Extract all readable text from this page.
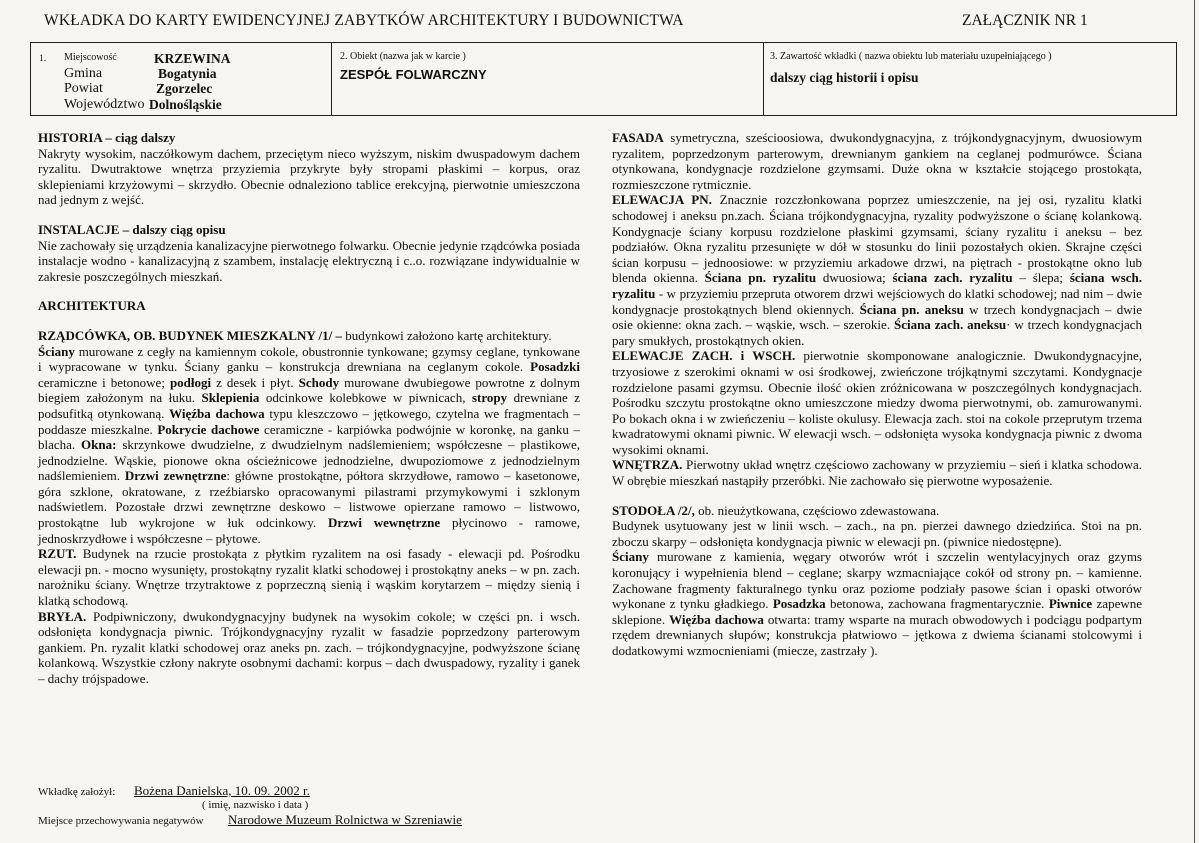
WKŁADKA DO KARTY EWIDENCYJNEJ ZABYTKÓW ARCHITEKTURY I BUDOWNICTWA	ZAŁĄCZNIK NR 1
1. Miejscowość	KRZEWINA
Gmina	Bogatynia
Powiat	Zgorzelec
Województwo Dolnośląskie
2. Obiekt (nazwa jak w karcie )
ZESPÓŁ FOLWARCZNY
3. Zawartość wkładki ( nazwa obiektu lub materiału uzupełniającego )
dalszy ciąg historii i opisu

HISTORIA – ciąg dalszy
Nakryty wysokim, naczółkowym dachem, przeciętym nieco wyższym, niskim dwuspadowym dachem ryzalitu. Dwutraktowe wnętrza przyziemia przykryte były stropami płaskimi – korpus, oraz sklepieniami krzyżowymi – skrzydło. Obecnie odnaleziono tablice erekcyjną, pierwotnie umieszczona nad jednym z wejść.

INSTALACJE – dalszy ciąg opisu
Nie zachowały się urządzenia kanalizacyjne pierwotnego folwarku. Obecnie jedynie rządcówka posiada instalacje wodno - kanalizacyjną z szambem, instalację elektryczną i c..o. rozwiązane indywidualnie w zakresie poszczególnych mieszkań.

ARCHITEKTURA

RZĄDCÓWKA, OB. BUDYNEK MIESZKALNY /1/ – budynkowi założono kartę architektury.
Ściany murowane z cegły na kamiennym cokole, obustronnie tynkowane; gzymsy ceglane, tynkowane i wypracowane w tynku. Ściany ganku – konstrukcja drewniana na ceglanym cokole. Posadzki ceramiczne i betonowe; podłogi z desek i płyt. Schody murowane dwubiegowe powrotne z dolnym biegiem założonym na łuku. Sklepienia odcinkowe kolebkowe w piwnicach, stropy drewniane z podsufitką otynkowaną. Więźba dachowa typu kleszczowo – jętkowego, czytelna we fragmentach – poddasze mieszkalne. Pokrycie dachowe ceramiczne - karpiówka podwójnie w koronkę, na ganku – blacha. Okna: skrzynkowe dwudzielne, z dwudzielnym nadślemieniem; współczesne – plastikowe, jednodzielne. Wąskie, pionowe okna ościeżnicowe jednodzielne, dwupoziomowe z jednodzielnym nadślemieniem. Drzwi zewnętrzne: główne prostokątne, półtora skrzydłowe, ramowo – kasetonowe, góra szklone, okratowane, z rzeźbiarsko opracowanymi pilastrami przymykowymi i szklonym nadświetlem. Pozostałe drzwi zewnętrzne deskowo – listwowe opierzane ramowo – listwowo, prostokątne lub wykrojone w łuk odcinkowy. Drzwi wewnętrzne płycinowo - ramowe, jednoskrzydłowe i współczesne – płytowe.

RZUT. Budynek na rzucie prostokąta z płytkim ryzalitem na osi fasady - elewacji pd. Pośrodku elewacji pn. - mocno wysunięty, prostokątny ryzalit klatki schodowej i prostokątny aneks – w pn. zach. narożniku ściany. Wnętrze trzytraktowe z poprzeczną sienią i wąskim korytarzem – między sienią i klatką schodową.

BRYŁA. Podpiwniczony, dwukondygnacyjny budynek na wysokim cokole; w części pn. i wsch. odsłonięta kondygnacja piwnic. Trójkondygnacyjny ryzalit w fasadzie poprzedzony parterowym gankiem. Pn. ryzalit klatki schodowej oraz aneks pn. zach. – trójkondygnacyjne, podwyższone ścianę kolankową. Wszystkie człony nakryte osobnymi dachami: korpus – dach dwuspadowy, ryzality i ganek – dachy trójspadowe.

FASADA symetryczna, sześcioosiowa, dwukondygnacyjna, z trójkondygnacyjnym, dwuosiowym ryzalitem, poprzedzonym parterowym, drewnianym gankiem na ceglanej podmurówce. Ściana otynkowana, kondygnacje rozdzielone gzymsami. Duże okna w kształcie stojącego prostokąta, rozmieszczone rytmicznie.

ELEWACJA PN. Znacznie rozczłonkowana poprzez umieszczenie, na jej osi, ryzalitu klatki schodowej i aneksu pn.zach. Ściana trójkondygnacyjna, ryzality podwyższone o ścianę kolankową. Kondygnacje ściany korpusu rozdzielone płaskimi gzymsami, ściany ryzalitu i aneksu – bez podziałów. Okna ryzalitu przesunięte w dół w stosunku do linii pozostałych okien. Skrajne części ścian korpusu – jednoosiowe: w przyziemiu arkadowe drzwi, na piętrach - prostokątne okno lub blenda okienna. Ściana pn. ryzalitu dwuosiowa; ściana zach. ryzalitu – ślepa; ściana wsch. ryzalitu - w przyziemiu przepruta otworem drzwi wejściowych do klatki schodowej; nad nim – dwie kondygnacje prostokątnych blend okiennych. Ściana pn. aneksu w trzech kondygnacjach – dwie osie okienne: okna zach. – wąskie, wsch. – szerokie. Ściana zach. aneksu· w trzech kondygnacjach pary smukłych, prostokątnych okien.

ELEWACJE ZACH. i WSCH. pierwotnie skomponowane analogicznie. Dwukondygnacyjne, trzyosiowe z szerokimi oknami w osi środkowej, zwieńczone trójkątnymi szczytami. Kondygnacje rozdzielone pasami gzymsu. Obecnie ilość okien zróżnicowana w poszczególnych kondygnacjach. Pośrodku szczytu prostokątne okno umieszczone miedzy dwoma pierwotnymi, ob. zamurowanymi. Po bokach okna i w zwieńczeniu – koliste okulusy. Elewacja zach. stoi na cokole przeprutym trzema kwadratowymi oknami piwnic. W elewacji wsch. – odsłonięta wysoka kondygnacja piwnic z dwoma wysokimi oknami.

WNĘTRZA. Pierwotny układ wnętrz częściowo zachowany w przyziemiu – sień i klatka schodowa. W obrębie mieszkań nastąpiły przeróbki. Nie zachowało się pierwotne wyposażenie.

STODOŁA /2/, ob. nieużytkowana, częściowo zdewastowana.
Budynek usytuowany jest w linii wsch. – zach., na pn. pierzei dawnego dziedzińca. Stoi na pn. zboczu skarpy – odsłonięta kondygnacja piwnic w elewacji pn. (piwnice niedostępne).
Ściany murowane z kamienia, węgary otworów wrót i szczelin wentylacyjnych oraz gzyms koronujący i wypełnienia blend – ceglane; skarpy wzmacniające cokół od strony pn. – kamienne. Zachowane fragmenty fakturalnego tynku oraz poziome podziały pasowe ścian i opaski otworów wykonane z tynku gładkiego. Posadzka betonowa, zachowana fragmentarycznie. Piwnice zapewne sklepione. Więźba dachowa otwarta: tramy wsparte na murach obwodowych i podciągu podpartym rzędem drewnianych słupów; konstrukcja płatwiowo – jętkowa z dwiema ścianami stolcowymi i dodatkowymi wzmocnieniami (miecze, zastrzały ).

Wkładkę założył: Bożena Danielska, 10. 09. 2002 r.
( imię, nazwisko i data )
Miejsce przechowywania negatywów Narodowe Muzeum Rolnictwa w Szreniawie
